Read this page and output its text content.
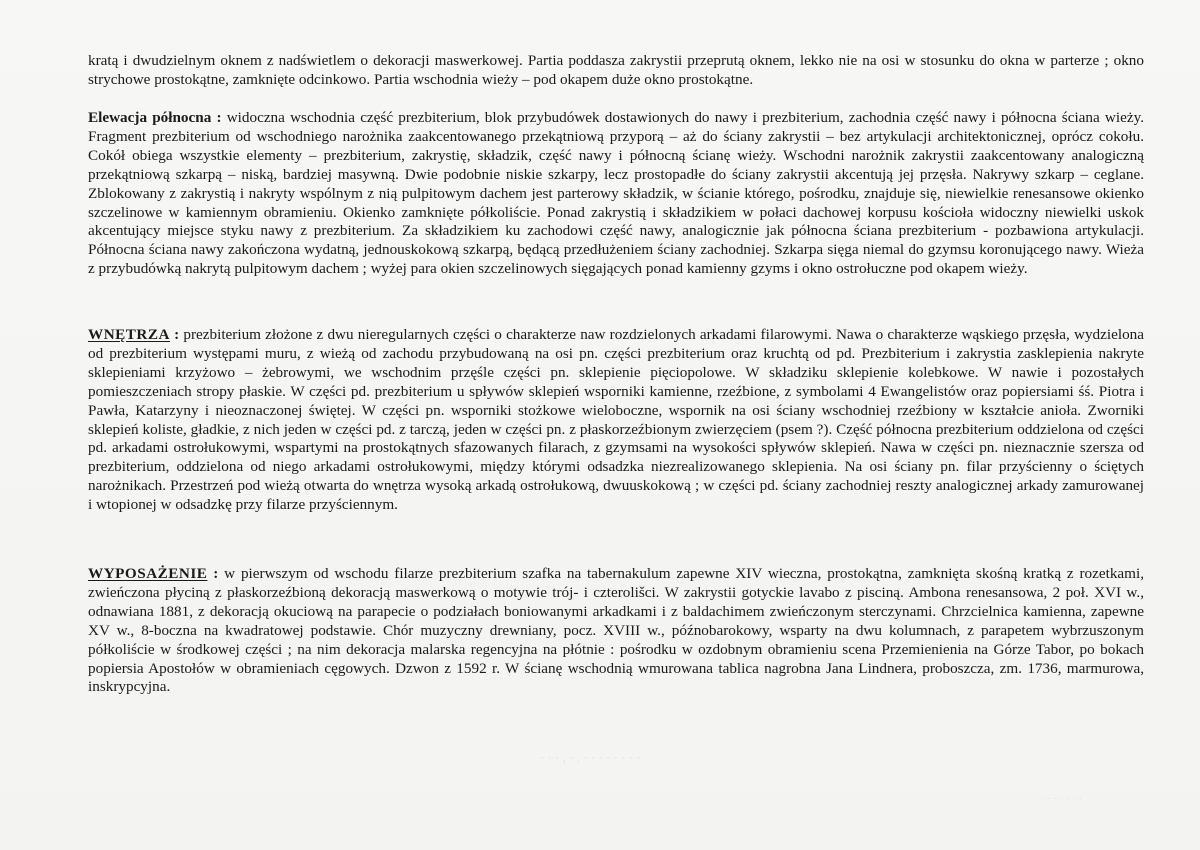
kratą i dwudzielnym oknem z nadświetlem o dekoracji maswerkowej. Partia poddasza zakrystii przeprutą oknem, lekko nie na osi w stosunku do okna w parterze ; okno strychowe prostokątne, zamknięte odcinkowo. Partia wschodnia wieży – pod okapem duże okno prostokątne.

Elewacja północna : widoczna wschodnia część prezbiterium, blok przybudówek dostawionych do nawy i prezbiterium, zachodnia część nawy i północna ściana wieży. Fragment prezbiterium od wschodniego narożnika zaakcentowanego przekątniową przyporą – aż do ściany zakrystii – bez artykulacji architektonicznej, oprócz cokołu. Cokół obiega wszystkie elementy – prezbiterium, zakrystię, składzik, część nawy i północną ścianę wieży. Wschodni narożnik zakrystii zaakcentowany analogiczną przekątniową szkarpą – niską, bardziej masywną. Dwie podobnie niskie szkarpy, lecz prostopadłe do ściany zakrystii akcentują jej przęsła. Nakrywy szkarp – ceglane. Zblokowany z zakrystią i nakryty wspólnym z nią pulpitowym dachem jest parterowy składzik, w ścianie którego, pośrodku, znajduje się, niewielkie renesansowe okienko szczelinowe w kamiennym obramieniu. Okienko zamknięte półkoliście. Ponad zakrystią i składzikiem w połaci dachowej korpusu kościoła widoczny niewielki uskok akcentujący miejsce styku nawy z prezbiterium. Za składzikiem ku zachodowi część nawy, analogicznie jak północna ściana prezbiterium - pozbawiona artykulacji. Północna ściana nawy zakończona wydatną, jednouskokową szkarpą, będącą przedłużeniem ściany zachodniej. Szkarpa sięga niemal do gzymsu koronującego nawy. Wieża z przybudówką nakrytą pulpitowym dachem ; wyżej para okien szczelinowych sięgających ponad kamienny gzyms i okno ostrołuczne pod okapem wieży.

WNĘTRZA : prezbiterium złożone z dwu nieregularnych części o charakterze naw rozdzielonych arkadami filarowymi. Nawa o charakterze wąskiego przęsła, wydzielona od prezbiterium występami muru, z wieżą od zachodu przybudowaną na osi pn. części prezbiterium oraz kruchtą od pd. Prezbiterium i zakrystia zasklepienia nakryte sklepieniami krzyżowo – żebrowymi, we wschodnim przęśle części pn. sklepienie pięciopolowe. W składziku sklepienie kolebkowe. W nawie i pozostałych pomieszczeniach stropy płaskie. W części pd. prezbiterium u spływów sklepień wsporniki kamienne, rzeźbione, z symbolami 4 Ewangelistów oraz popiersiami śś. Piotra i Pawła, Katarzyny i nieoznaczonej świętej. W części pn. wsporniki stożkowe wieloboczne, wspornik na osi ściany wschodniej rzeźbiony w kształcie anioła. Zworniki sklepień koliste, gładkie, z nich jeden w części pd. z tarczą, jeden w części pn. z płaskorzeźbionym zwierzęciem (psem ?). Część północna prezbiterium oddzielona od części pd. arkadami ostrołukowymi, wspartymi na prostokątnych sfazowanych filarach, z gzymsami na wysokości spływów sklepień. Nawa w części pn. nieznacznie szersza od prezbiterium, oddzielona od niego arkadami ostrołukowymi, między którymi odsadzka niezrealizowanego sklepienia. Na osi ściany pn. filar przyścienny o ściętych narożnikach. Przestrzeń pod wieżą otwarta do wnętrza wysoką arkadą ostrołukową, dwuuskokową ; w części pd. ściany zachodniej reszty analogicznej arkady zamurowanej i wtopionej w odsadzkę przy filarze przyściennym.

WYPOSAŻENIE : w pierwszym od wschodu filarze prezbiterium szafka na tabernakulum zapewne XIV wieczna, prostokątna, zamknięta skośną kratką z rozetkami, zwieńczona płyciną z płaskorzeźbioną dekoracją maswerkową o motywie trój- i czterolišci. W zakrystii gotyckie lavabo z pisciną. Ambona renesansowa, 2 poł. XVI w., odnawiana 1881, z dekoracją okuciową na parapecie o podziałach boniowanymi arkadkami i z baldachimem zwieńczonym sterczynami. Chrzcielnica kamienna, zapewne XV w., 8-boczna na kwadratowej podstawie. Chór muzyczny drewniany, pocz. XVIII w., późnobarokowy, wsparty na dwu kolumnach, z parapetem wybrzuszonym półkoliście w środkowej części ; na nim dekoracja malarska regencyjna na płótnie : pośrodku w ozdobnym obramieniu scena Przemienienia na Górze Tabor, po bokach popiersia Apostołów w obramieniach cęgowych. Dzwon z 1592 r. W ścianę wschodnią wmurowana tablica nagrobna Jana Lindnera, proboszcza, zm. 1736, marmurowa, inskrypcyjna.

· · · , · . · · · · · · · ·
· · · · · · ·
